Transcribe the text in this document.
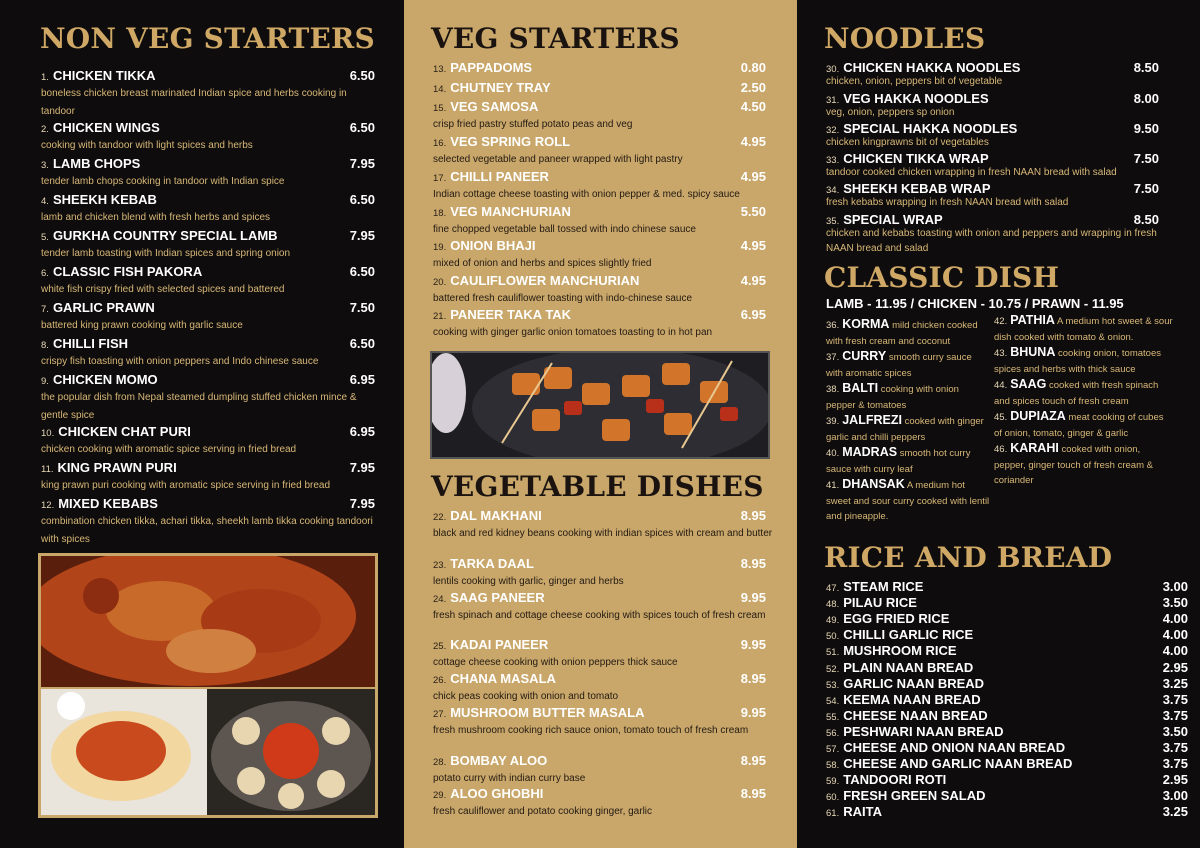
NON VEG STARTERS
1. CHICKEN TIKKA	6.50
boneless chicken breast marinated Indian spice and herbs cooking in tandoor
2. CHICKEN WINGS	6.50
cooking with tandoor with light spices and herbs
3. LAMB CHOPS	7.95
tender lamb chops cooking in tandoor with Indian spice
4. SHEEKH KEBAB	6.50
lamb and chicken blend with fresh herbs and spices
5. GURKHA COUNTRY SPECIAL LAMB	7.95
tender lamb toasting with Indian spices and spring onion
6. CLASSIC FISH PAKORA	6.50
white fish crispy fried with selected spices and battered
7. GARLIC PRAWN	7.50
battered king prawn cooking with garlic sauce
8. CHILLI FISH	6.50
crispy fish toasting with onion peppers and Indo chinese sauce
9. CHICKEN MOMO	6.95
the popular dish from Nepal steamed dumpling stuffed chicken mince & gentle spice
10. CHICKEN CHAT PURI	6.95
chicken cooking with aromatic spice serving in fried bread
11. KING PRAWN PURI	7.95
king prawn puri cooking with aromatic spice serving in fried bread
12. MIXED KEBABS	7.95
combination chicken tikka, achari tikka, sheekh lamb tikka cooking tandoori with spices
VEG STARTERS
13. PAPPADOMS	0.80
14. CHUTNEY TRAY	2.50
15. VEG SAMOSA	4.50
crisp fried pastry stuffed potato peas and veg
16. VEG SPRING ROLL	4.95
selected vegetable and paneer wrapped with light pastry
17. CHILLI PANEER	4.95
Indian cottage cheese toasting with onion pepper & med. spicy sauce
18. VEG MANCHURIAN	5.50
fine chopped vegetable ball tossed with indo chinese sauce
19. ONION BHAJI	4.95
mixed of onion and herbs and spices slightly fried
20. CAULIFLOWER MANCHURIAN	4.95
battered fresh cauliflower toasting with indo-chinese sauce
21. PANEER TAKA TAK	6.95
cooking with ginger garlic onion tomatoes toasting to in hot pan
VEGETABLE DISHES
22. DAL MAKHANI	8.95
black and red kidney beans cooking with indian spices with cream and butter
23. TARKA DAAL	8.95
lentils cooking with garlic, ginger and herbs
24. SAAG PANEER	9.95
fresh spinach and cottage cheese cooking with spices touch of fresh cream
25. KADAI PANEER	9.95
cottage cheese cooking with onion peppers thick sauce
26. CHANA MASALA	8.95
chick peas cooking with onion and tomato
27. MUSHROOM BUTTER MASALA	9.95
fresh mushroom cooking rich sauce onion, tomato touch of fresh cream
28. BOMBAY ALOO	8.95
potato curry with indian curry base
29. ALOO GHOBHI	8.95
fresh cauliflower and potato cooking ginger, garlic
NOODLES
30. CHICKEN HAKKA NOODLES	8.50
chicken, onion, peppers bit of vegetable
31. VEG HAKKA NOODLES	8.00
veg, onion, peppers sp onion
32. SPECIAL HAKKA NOODLES	9.50
chicken kingprawns bit of vegetables
33. CHICKEN TIKKA WRAP	7.50
tandoor cooked chicken wrapping in fresh NAAN bread with salad
34. SHEEKH KEBAB WRAP	7.50
fresh kebabs wrapping in fresh NAAN bread with salad
35. SPECIAL WRAP	8.50
chicken and kebabs toasting with onion and peppers and wrapping in fresh NAAN bread and salad
CLASSIC DISH
LAMB - 11.95 / CHICKEN - 10.75 / PRAWN - 11.95
36. KORMA mild chicken cooked with fresh cream and coconut
37. CURRY smooth curry sauce with aromatic spices
38. BALTI cooking with onion pepper & tomatoes
39. JALFREZI cooked with ginger garlic and chilli peppers
40. MADRAS smooth hot curry sauce with curry leaf
41. DHANSAK A medium hot sweet and sour curry cooked with lentil and pineapple.
42. PATHIA A medium hot sweet & sour dish cooked with tomato & onion.
43. BHUNA cooking onion, tomatoes spices and herbs with thick sauce
44. SAAG cooked with fresh spinach and spices touch of fresh cream
45. DUPIAZA meat cooking of cubes of onion, tomato, ginger & garlic
46. KARAHI cooked with onion, pepper, ginger touch of fresh cream & coriander
RICE AND BREAD
47. STEAM RICE	3.00
48. PILAU RICE	3.50
49. EGG FRIED RICE	4.00
50. CHILLI GARLIC RICE	4.00
51. MUSHROOM RICE	4.00
52. PLAIN NAAN BREAD	2.95
53. GARLIC NAAN BREAD	3.25
54. KEEMA NAAN BREAD	3.75
55. CHEESE NAAN BREAD	3.75
56. PESHWARI NAAN BREAD	3.50
57. CHEESE AND ONION NAAN BREAD	3.75
58. CHEESE AND GARLIC NAAN BREAD	3.75
59. TANDOORI ROTI	2.95
60. FRESH GREEN SALAD	3.00
61. RAITA	3.25
